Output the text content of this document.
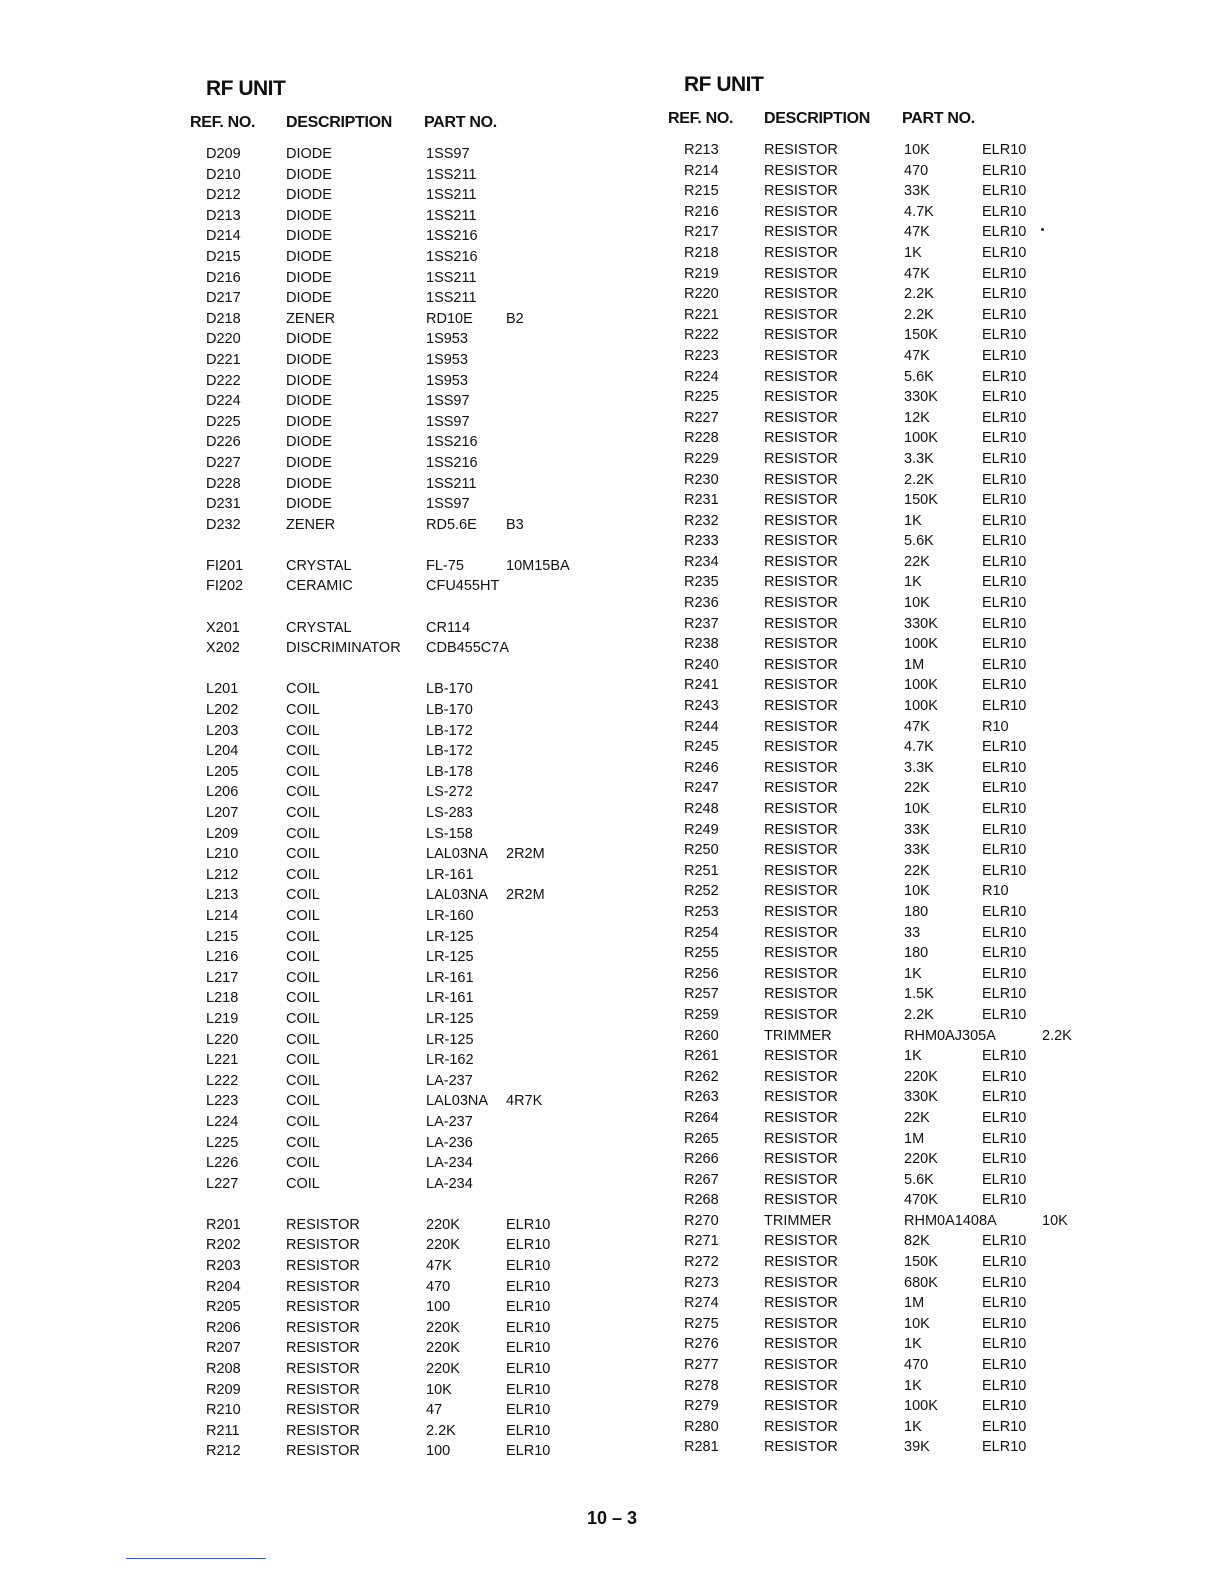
RF UNIT
REF. NO. DESCRIPTION PART NO.
D209	DIODE	1SS97
D210	DIODE	1SS211
D212	DIODE	1SS211
D213	DIODE	1SS211
D214	DIODE	1SS216
D215	DIODE	1SS216
D216	DIODE	1SS211
D217	DIODE	1SS211
D218	ZENER	RD10E B2
D220	DIODE	1S953
D221	DIODE	1S953
D222	DIODE	1S953
D224	DIODE	1SS97
D225	DIODE	1SS97
D226	DIODE	1SS216
D227	DIODE	1SS216
D228	DIODE	1SS211
D231	DIODE	1SS97
D232	ZENER	RD5.6E B3
FI201	CRYSTAL	FL-75	10M15BA
FI202	CERAMIC	CFU455HT
X201	CRYSTAL	CR114
X202	DISCRIMINATOR CDB455C7A
L201	COIL	LB-170
L202	COIL	LB-170
L203	COIL	LB-172
L204	COIL	LB-172
L205	COIL	LB-178
L206	COIL	LS-272
L207	COIL	LS-283
L209	COIL	LS-158
L210	COIL	LAL03NA 2R2M
L212	COIL	LR-161
L213	COIL	LAL03NA 2R2M
L214	COIL	LR-160
L215	COIL	LR-125
L216	COIL	LR-125
L217	COIL	LR-161
L218	COIL	LR-161
L219	COIL	LR-125
L220	COIL	LR-125
L221	COIL	LR-162
L222	COIL	LA-237
L223	COIL	LAL03NA 4R7K
L224	COIL	LA-237
L225	COIL	LA-236
L226	COIL	LA-234
L227	COIL	LA-234
R201	RESISTOR	220K	ELR10
R202	RESISTOR	220K	ELR10
R203	RESISTOR	47K	ELR10
R204	RESISTOR	470	ELR10
R205	RESISTOR	100	ELR10
R206	RESISTOR	220K	ELR10
R207	RESISTOR	220K	ELR10
R208	RESISTOR	220K	ELR10
R209	RESISTOR	10K	ELR10
R210	RESISTOR	47	ELR10
R211	RESISTOR	2.2K	ELR10
R212	RESISTOR	100	ELR10
RF UNIT
REF. NO. DESCRIPTION PART NO.
R213	RESISTOR	10K	ELR10
R214	RESISTOR	470	ELR10
R215	RESISTOR	33K	ELR10
R216	RESISTOR	4.7K	ELR10
R217	RESISTOR	47K	ELR10
R218	RESISTOR	1K	ELR10
R219	RESISTOR	47K	ELR10
R220	RESISTOR	2.2K	ELR10
R221	RESISTOR	2.2K	ELR10
R222	RESISTOR	150K	ELR10
R223	RESISTOR	47K	ELR10
R224	RESISTOR	5.6K	ELR10
R225	RESISTOR	330K	ELR10
R227	RESISTOR	12K	ELR10
R228	RESISTOR	100K	ELR10
R229	RESISTOR	3.3K	ELR10
R230	RESISTOR	2.2K	ELR10
R231	RESISTOR	150K	ELR10
R232	RESISTOR	1K	ELR10
R233	RESISTOR	5.6K	ELR10
R234	RESISTOR	22K	ELR10
R235	RESISTOR	1K	ELR10
R236	RESISTOR	10K	ELR10
R237	RESISTOR	330K	ELR10
R238	RESISTOR	100K	ELR10
R240	RESISTOR	1M	ELR10
R241	RESISTOR	100K	ELR10
R243	RESISTOR	100K	ELR10
R244	RESISTOR	47K	R10
R245	RESISTOR	4.7K	ELR10
R246	RESISTOR	3.3K	ELR10
R247	RESISTOR	22K	ELR10
R248	RESISTOR	10K	ELR10
R249	RESISTOR	33K	ELR10
R250	RESISTOR	33K	ELR10
R251	RESISTOR	22K	ELR10
R252	RESISTOR	10K	R10
R253	RESISTOR	180	ELR10
R254	RESISTOR	33	ELR10
R255	RESISTOR	180	ELR10
R256	RESISTOR	1K	ELR10
R257	RESISTOR	1.5K	ELR10
R259	RESISTOR	2.2K	ELR10
R260	TRIMMER	RHM0AJ305A	2.2K
R261	RESISTOR	1K	ELR10
R262	RESISTOR	220K	ELR10
R263	RESISTOR	330K	ELR10
R264	RESISTOR	22K	ELR10
R265	RESISTOR	1M	ELR10
R266	RESISTOR	220K	ELR10
R267	RESISTOR	5.6K	ELR10
R268	RESISTOR	470K	ELR10
R270	TRIMMER	RHM0A1408A	10K
R271	RESISTOR	82K	ELR10
R272	RESISTOR	150K	ELR10
R273	RESISTOR	680K	ELR10
R274	RESISTOR	1M	ELR10
R275	RESISTOR	10K	ELR10
R276	RESISTOR	1K	ELR10
R277	RESISTOR	470	ELR10
R278	RESISTOR	1K	ELR10
R279	RESISTOR	100K	ELR10
R280	RESISTOR	1K	ELR10
R281	RESISTOR	39K	ELR10
10 – 3
